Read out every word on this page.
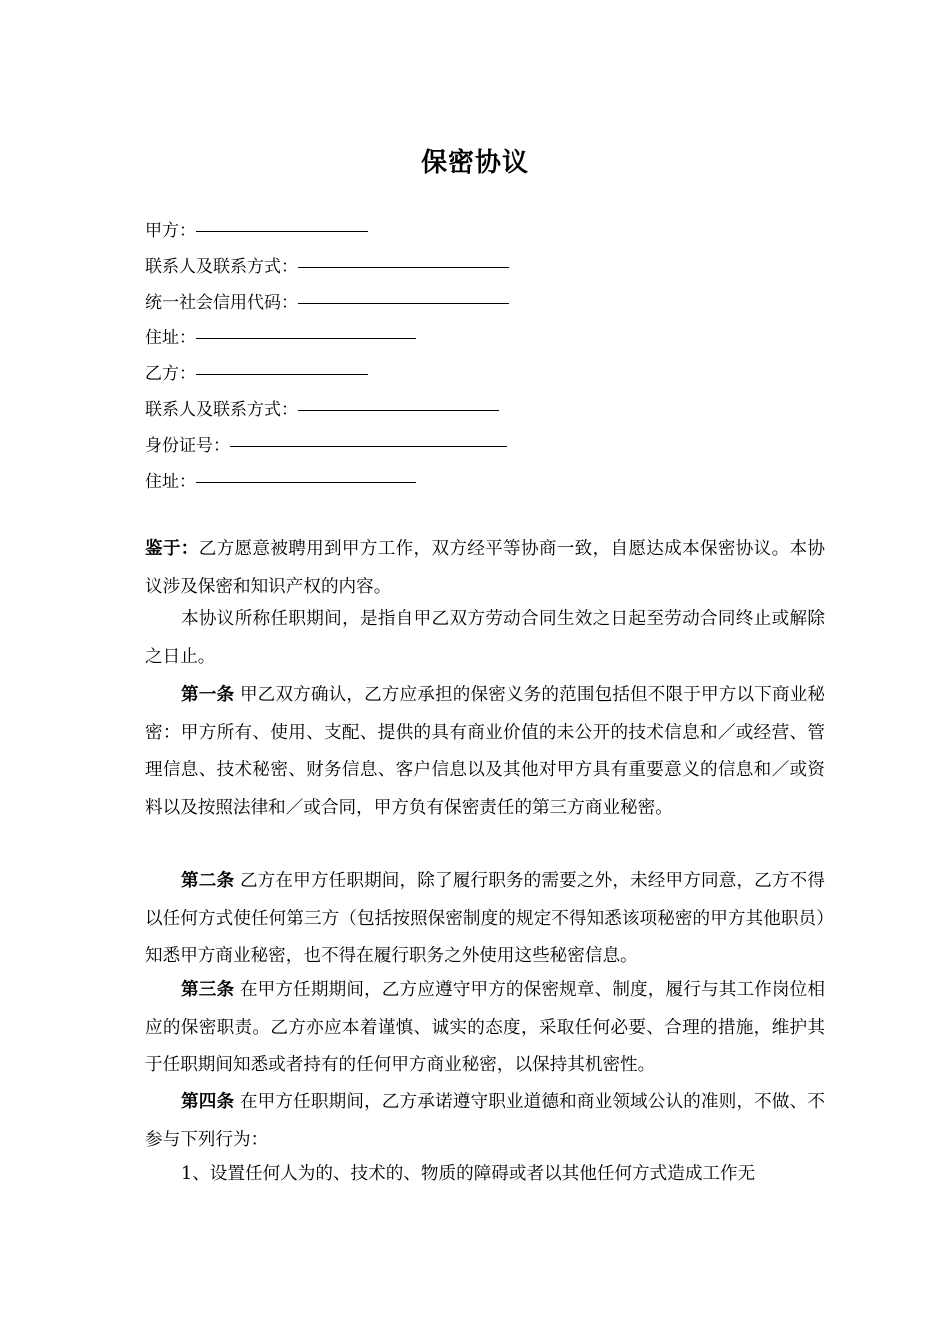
保密协议
甲方：
联系人及联系方式：
统一社会信用代码：
住址：
乙方：
联系人及联系方式：
身份证号：
住址：

鉴于：乙方愿意被聘用到甲方工作，双方经平等协商一致，自愿达成本保密协议。本协议涉及保密和知识产权的内容。

本协议所称任职期间，是指自甲乙双方劳动合同生效之日起至劳动合同终止或解除之日止。

第一条 甲乙双方确认，乙方应承担的保密义务的范围包括但不限于甲方以下商业秘密：甲方所有、使用、支配、提供的具有商业价值的未公开的技术信息和／或经营、管理信息、技术秘密、财务信息、客户信息以及其他对甲方具有重要意义的信息和／或资料以及按照法律和／或合同，甲方负有保密责任的第三方商业秘密。

第二条 乙方在甲方任职期间，除了履行职务的需要之外，未经甲方同意，乙方不得以任何方式使任何第三方（包括按照保密制度的规定不得知悉该项秘密的甲方其他职员）知悉甲方商业秘密，也不得在履行职务之外使用这些秘密信息。

第三条 在甲方任期期间，乙方应遵守甲方的保密规章、制度，履行与其工作岗位相应的保密职责。乙方亦应本着谨慎、诚实的态度，采取任何必要、合理的措施，维护其于任职期间知悉或者持有的任何甲方商业秘密，以保持其机密性。

第四条 在甲方任职期间，乙方承诺遵守职业道德和商业领域公认的准则，不做、不参与下列行为：

1、设置任何人为的、技术的、物质的障碍或者以其他任何方式造成工作无
